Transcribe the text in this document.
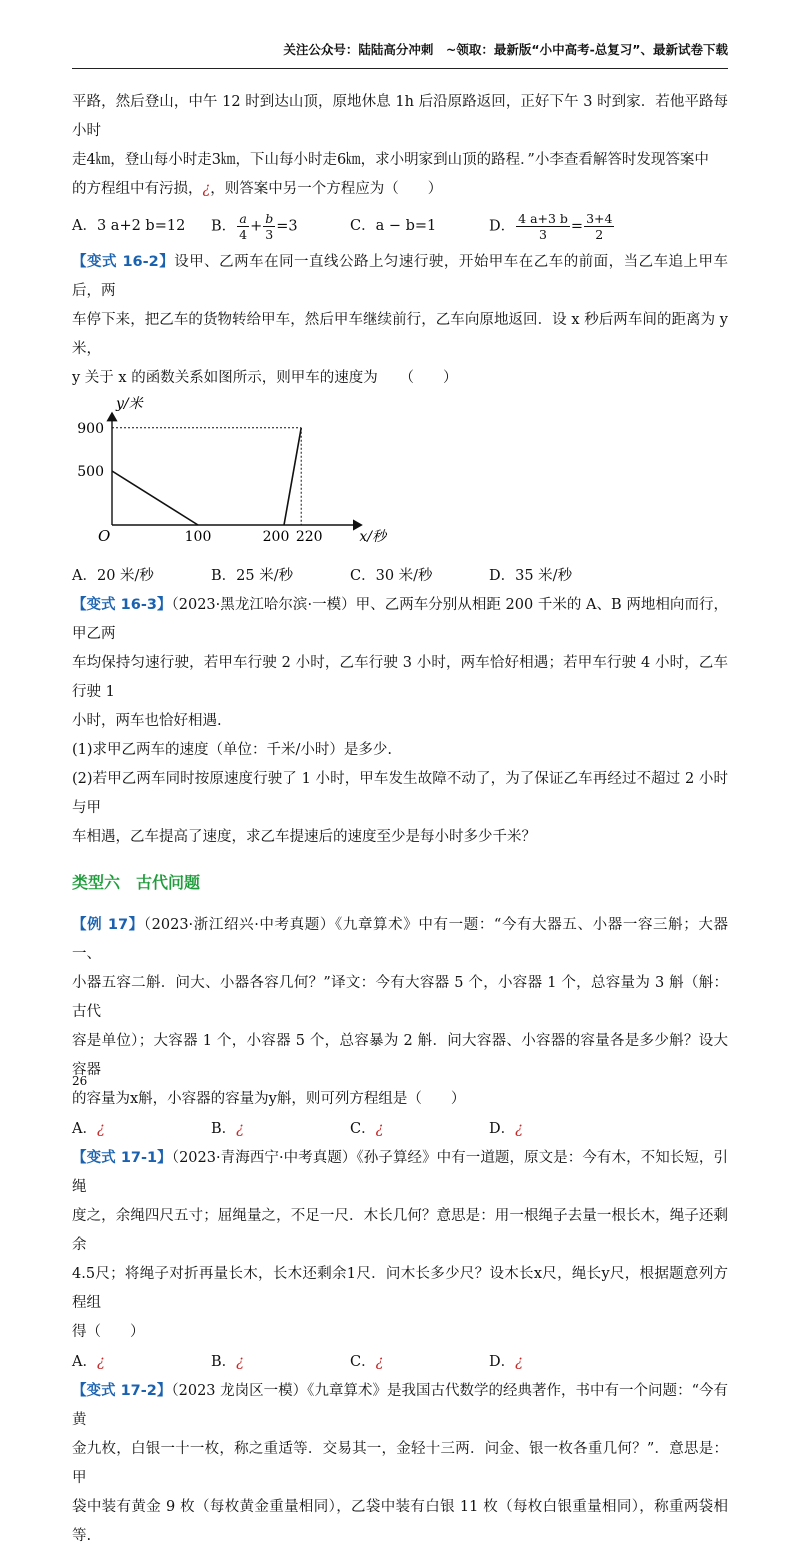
关注公众号：陆陆高分冲刺　~领取：最新版“小中高考-总复习”、最新试卷下载

平路，然后登山，中午 12 时到达山顶，原地休息 1h 后沿原路返回，正好下午 3 时到家．若他平路每小时

走4㎞，登山每小时走3㎞，下山每小时走6㎞，求小明家到山顶的路程．”小李查看解答时发现答案中

的方程组中有污损，¿，则答案中另一个方程应为（　　）

A．3 a+2 b=12	B． $\frac{a}{4} + \frac{b}{3} =3$	C．a − b=1	D． $\frac{4 a+3 b}{3} = \frac{3+4}{2}$

【变式 16-2】设甲、乙两车在同一直线公路上匀速行驶，开始甲车在乙车的前面，当乙车追上甲车后，两

车停下来，把乙车的货物转给甲车，然后甲车继续前行，乙车向原地返回．设 x 秒后两车间的距离为 y 米，

y 关于 x 的函数关系如图所示，则甲车的速度为　　（　　）

900
500
100	200 220
y/米
x/秒
O
A．20 米/秒	B．25 米/秒	C．30 米/秒	D．35 米/秒

【变式 16-3】（2023·黑龙江哈尔滨·一模）甲、乙两车分别从相距 200 千米的 A、B 两地相向而行，甲乙两

车均保持匀速行驶，若甲车行驶 2 小时，乙车行驶 3 小时，两车恰好相遇；若甲车行驶 4 小时，乙车行驶 1

小时，两车也恰好相遇.

(1)求甲乙两车的速度（单位：千米/小时）是多少.

(2)若甲乙两车同时按原速度行驶了 1 小时，甲车发生故障不动了，为了保证乙车再经过不超过 2 小时与甲

车相遇，乙车提高了速度，求乙车提速后的速度至少是每小时多少千米？

类型六　古代问题

【例 17】（2023·浙江绍兴·中考真题）《九章算术》中有一题：“今有大器五、小器一容三斛；大器一、

小器五容二斛．问大、小器各容几何？”译文：今有大容器 5 个，小容器 1 个，总容量为 3 斛（斛：古代

容是单位）；大容器 1 个，小容器 5 个，总容暴为 2 斛．问大容器、小容器的容量各是多少斛？设大容器

的容量为x斛，小容器的容量为y斛，则可列方程组是（　　）

A．¿	B．¿	C．¿	D．¿

【变式 17-1】（2023·青海西宁·中考真题）《孙子算经》中有一道题，原文是：今有木，不知长短，引绳

度之，余绳四尺五寸；屈绳量之，不足一尺．木长几何？意思是：用一根绳子去量一根长木，绳子还剩余

4.5尺；将绳子对折再量长木，长木还剩余1尺．问木长多少尺？设木长x尺，绳长y尺，根据题意列方程组

得（　　）

A．¿	B．¿	C．¿	D．¿

【变式 17-2】（2023 龙岗区一模）《九章算术》是我国古代数学的经典著作，书中有一个问题：“今有黄

金九枚，白银一十一枚，称之重适等．交易其一，金轻十三两．问金、银一枚各重几何？”．意思是：甲

袋中装有黄金 9 枚（每枚黄金重量相同），乙袋中装有白银 11 枚（每枚白银重量相同），称重两袋相等.

26
